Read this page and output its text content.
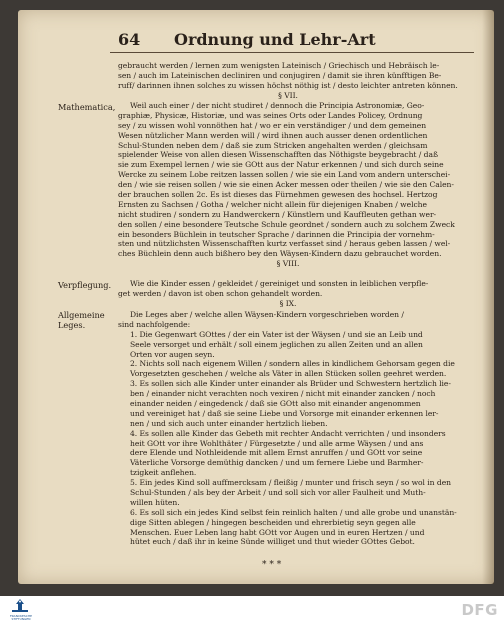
64 Ordnung und Lehr-Art
Mathematica,
Verpflegung.
Allgemeine
Leges.
gebraucht werden / lernen zum wenigsten Lateinisch / Griechisch und Hebräisch le-
sen / auch im Lateinischen decliniren und conjugiren / damit sie ihren künfftigen Be-
ruff/ darinnen ihnen solches zu wissen höchst nöthig ist / desto leichter antreten können.
§ VII.
Weil auch einer / der nicht studiret / dennoch die Principia Astronomiæ, Geo-
graphiæ, Physicæ, Historiæ, und was seines Orts oder Landes Policey, Ordnung
sey / zu wissen wohl vonnöthen hat / wo er ein verständiger / und dem gemeinen
Wesen nützlicher Mann werden will / wird ihnen auch ausser denen ordentlichen
Schul-Stunden neben dem / daß sie zum Stricken angehalten werden / gleichsam
spielender Weise von allen diesen Wissenschafften das Nöthigste beygebracht / daß
sie zum Exempel lernen / wie sie GOtt aus der Natur erkennen / und sich durch seine
Wercke zu seinem Lobe reitzen lassen sollen / wie sie ein Land vom andern unterschei-
den / wie sie reisen sollen / wie sie einen Acker messen oder theilen / wie sie den Calen-
der brauchen sollen 2c. Es ist dieses das Fürnehmen gewesen des hochsel. Hertzog
Ernsten zu Sachsen / Gotha / welcher nicht allein für diejenigen Knaben / welche
nicht studiren / sondern zu Handwerckern / Künstlern und Kauffleuten gethan wer-
den sollen / eine besondere Teutsche Schule geordnet / sondern auch zu solchem Zweck
ein besonders Büchlein in teutscher Sprache / darinnen die Principia der vornehm-
sten und nützlichsten Wissenschafften kurtz verfasset sind / heraus geben lassen / wel-
ches Büchlein denn auch bißhero bey den Wäysen-Kindern dazu gebrauchet worden.
§ VIII.
Wie die Kinder essen / gekleidet / gereiniget und sonsten in leiblichen verpfle-
get werden / davon ist oben schon gehandelt worden.
§ IX.
Die Leges aber / welche allen Wäysen-Kindern vorgeschrieben worden /
sind nachfolgende:
1. Die Gegenwart GOttes / der ein Vater ist der Wäysen / und sie an Leib und
Seele versorget und erhält / soll einem jeglichen zu allen Zeiten und an allen
Orten vor augen seyn.
2. Nichts soll nach eigenem Willen / sondern alles in kindlichem Gehorsam gegen die
Vorgesetzten geschehen / welche als Väter in allen Stücken sollen geehret werden.
3. Es sollen sich alle Kinder unter einander als Brüder und Schwestern hertzlich lie-
ben / einander nicht verachten noch vexiren / nicht mit einander zancken / noch
einander neiden / eingedenck / daß sie GOtt also mit einander angenommen
und vereiniget hat / daß sie seine Liebe und Vorsorge mit einander erkennen ler-
nen / und sich auch unter einander hertzlich lieben.
4. Es sollen alle Kinder das Gebeth mit rechter Andacht verrichten / und insonders
heit GOtt vor ihre Wohlthäter / Fürgesetzte / und alle arme Wäysen / und ans
dere Elende und Nothleidende mit allem Ernst anruffen / und GOtt vor seine
Väterliche Vorsorge demüthig dancken / und um fernere Liebe und Barmher-
tzigkeit anflehen.
5. Ein jedes Kind soll auffmercksam / fleißig / munter und frisch seyn / so wol in den
Schul-Stunden / als bey der Arbeit / und soll sich vor aller Faulheit und Muth-
willen hüten.
6. Es soll sich ein jedes Kind selbst fein reinlich halten / und alle grobe und unanstän-
dige Sitten ablegen / hingegen bescheiden und ehrerbietig seyn gegen alle
Menschen. Euer Leben lang habt GOtt vor Augen und in euren Hertzen / und
hütet euch / daß ihr in keine Sünde williget und thut wieder GOttes Gebot.
* * *
FRANCKESCHE STIFTUNGEN
DFG
